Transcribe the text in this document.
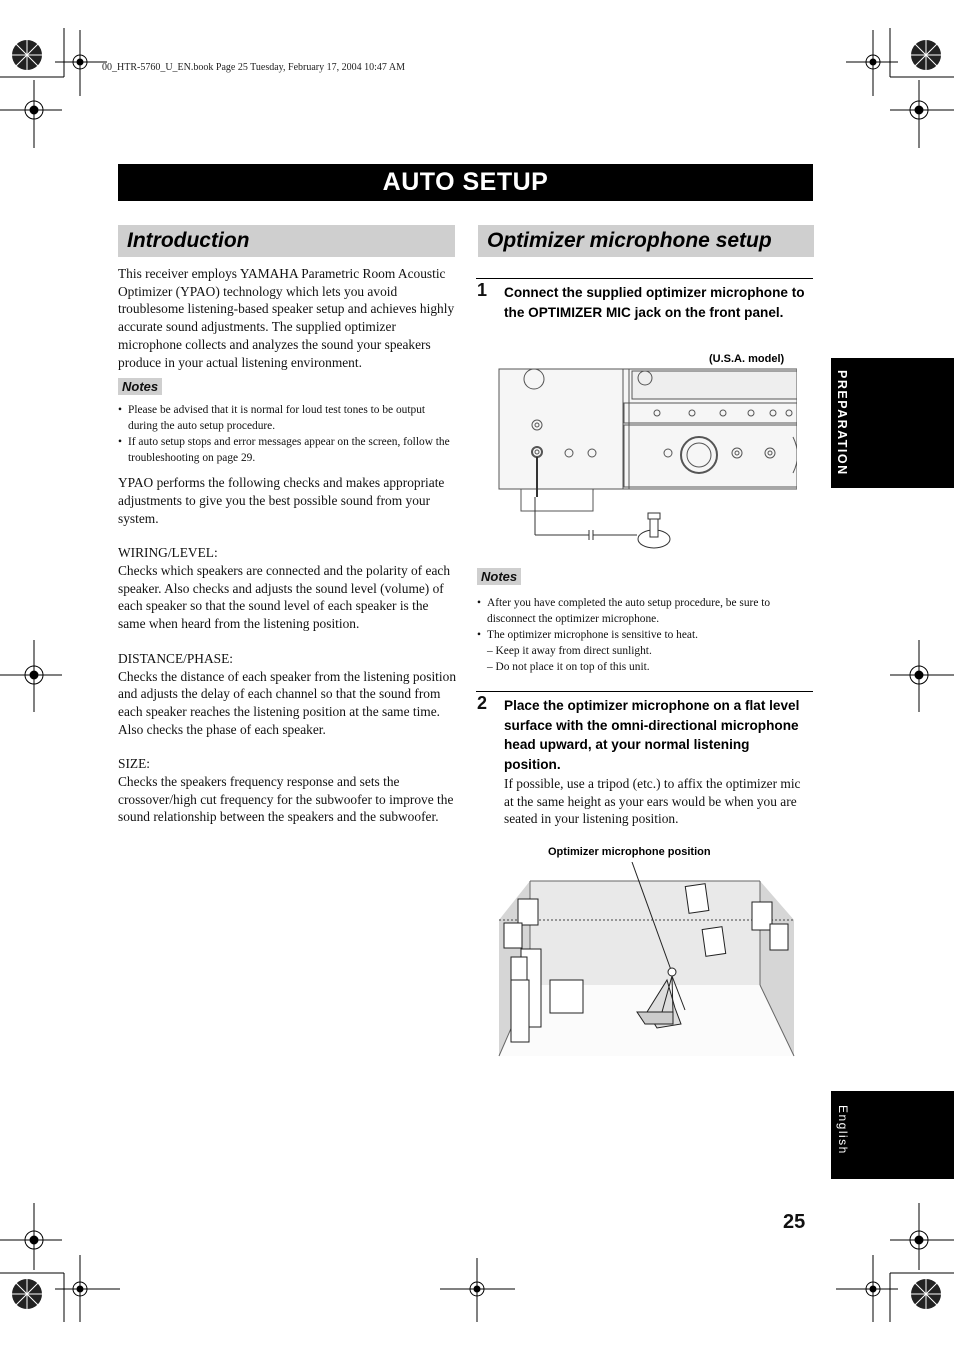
00_HTR-5760_U_EN.book Page 25 Tuesday, February 17, 2004 10:47 AM
AUTO SETUP
Introduction

This receiver employs YAMAHA Parametric Room Acoustic Optimizer (YPAO) technology which lets you avoid troublesome listening-based speaker setup and achieves highly accurate sound adjustments. The supplied optimizer microphone collects and analyzes the sound your speakers produce in your actual listening environment.

Notes
• Please be advised that it is normal for loud test tones to be output during the auto setup procedure.
• If auto setup stops and error messages appear on the screen, follow the troubleshooting on page 29.

YPAO performs the following checks and makes appropriate adjustments to give you the best possible sound from your system.

WIRING/LEVEL:

Checks which speakers are connected and the polarity of each speaker. Also checks and adjusts the sound level (volume) of each speaker so that the sound level of each speaker is the same when heard from the listening position.

DISTANCE/PHASE:

Checks the distance of each speaker from the listening position and adjusts the delay of each channel so that the sound from each speaker reaches the listening position at the same time. Also checks the phase of each speaker.

SIZE:

Checks the speakers frequency response and sets the crossover/high cut frequency for the subwoofer to improve the sound relationship between the speakers and the subwoofer.

Optimizer microphone setup
1 Connect the supplied optimizer microphone to the OPTIMIZER MIC jack on the front panel.
(U.S.A. model)
Notes
• After you have completed the auto setup procedure, be sure to disconnect the optimizer microphone.
• The optimizer microphone is sensitive to heat.
– Keep it away from direct sunlight.
– Do not place it on top of this unit.
2 Place the optimizer microphone on a flat level surface with the omni-directional microphone head upward, at your normal listening position.
If possible, use a tripod (etc.) to affix the optimizer mic at the same height as your ears would be when you are seated in your listening position.
Optimizer microphone position
PREPARATION
English
25
